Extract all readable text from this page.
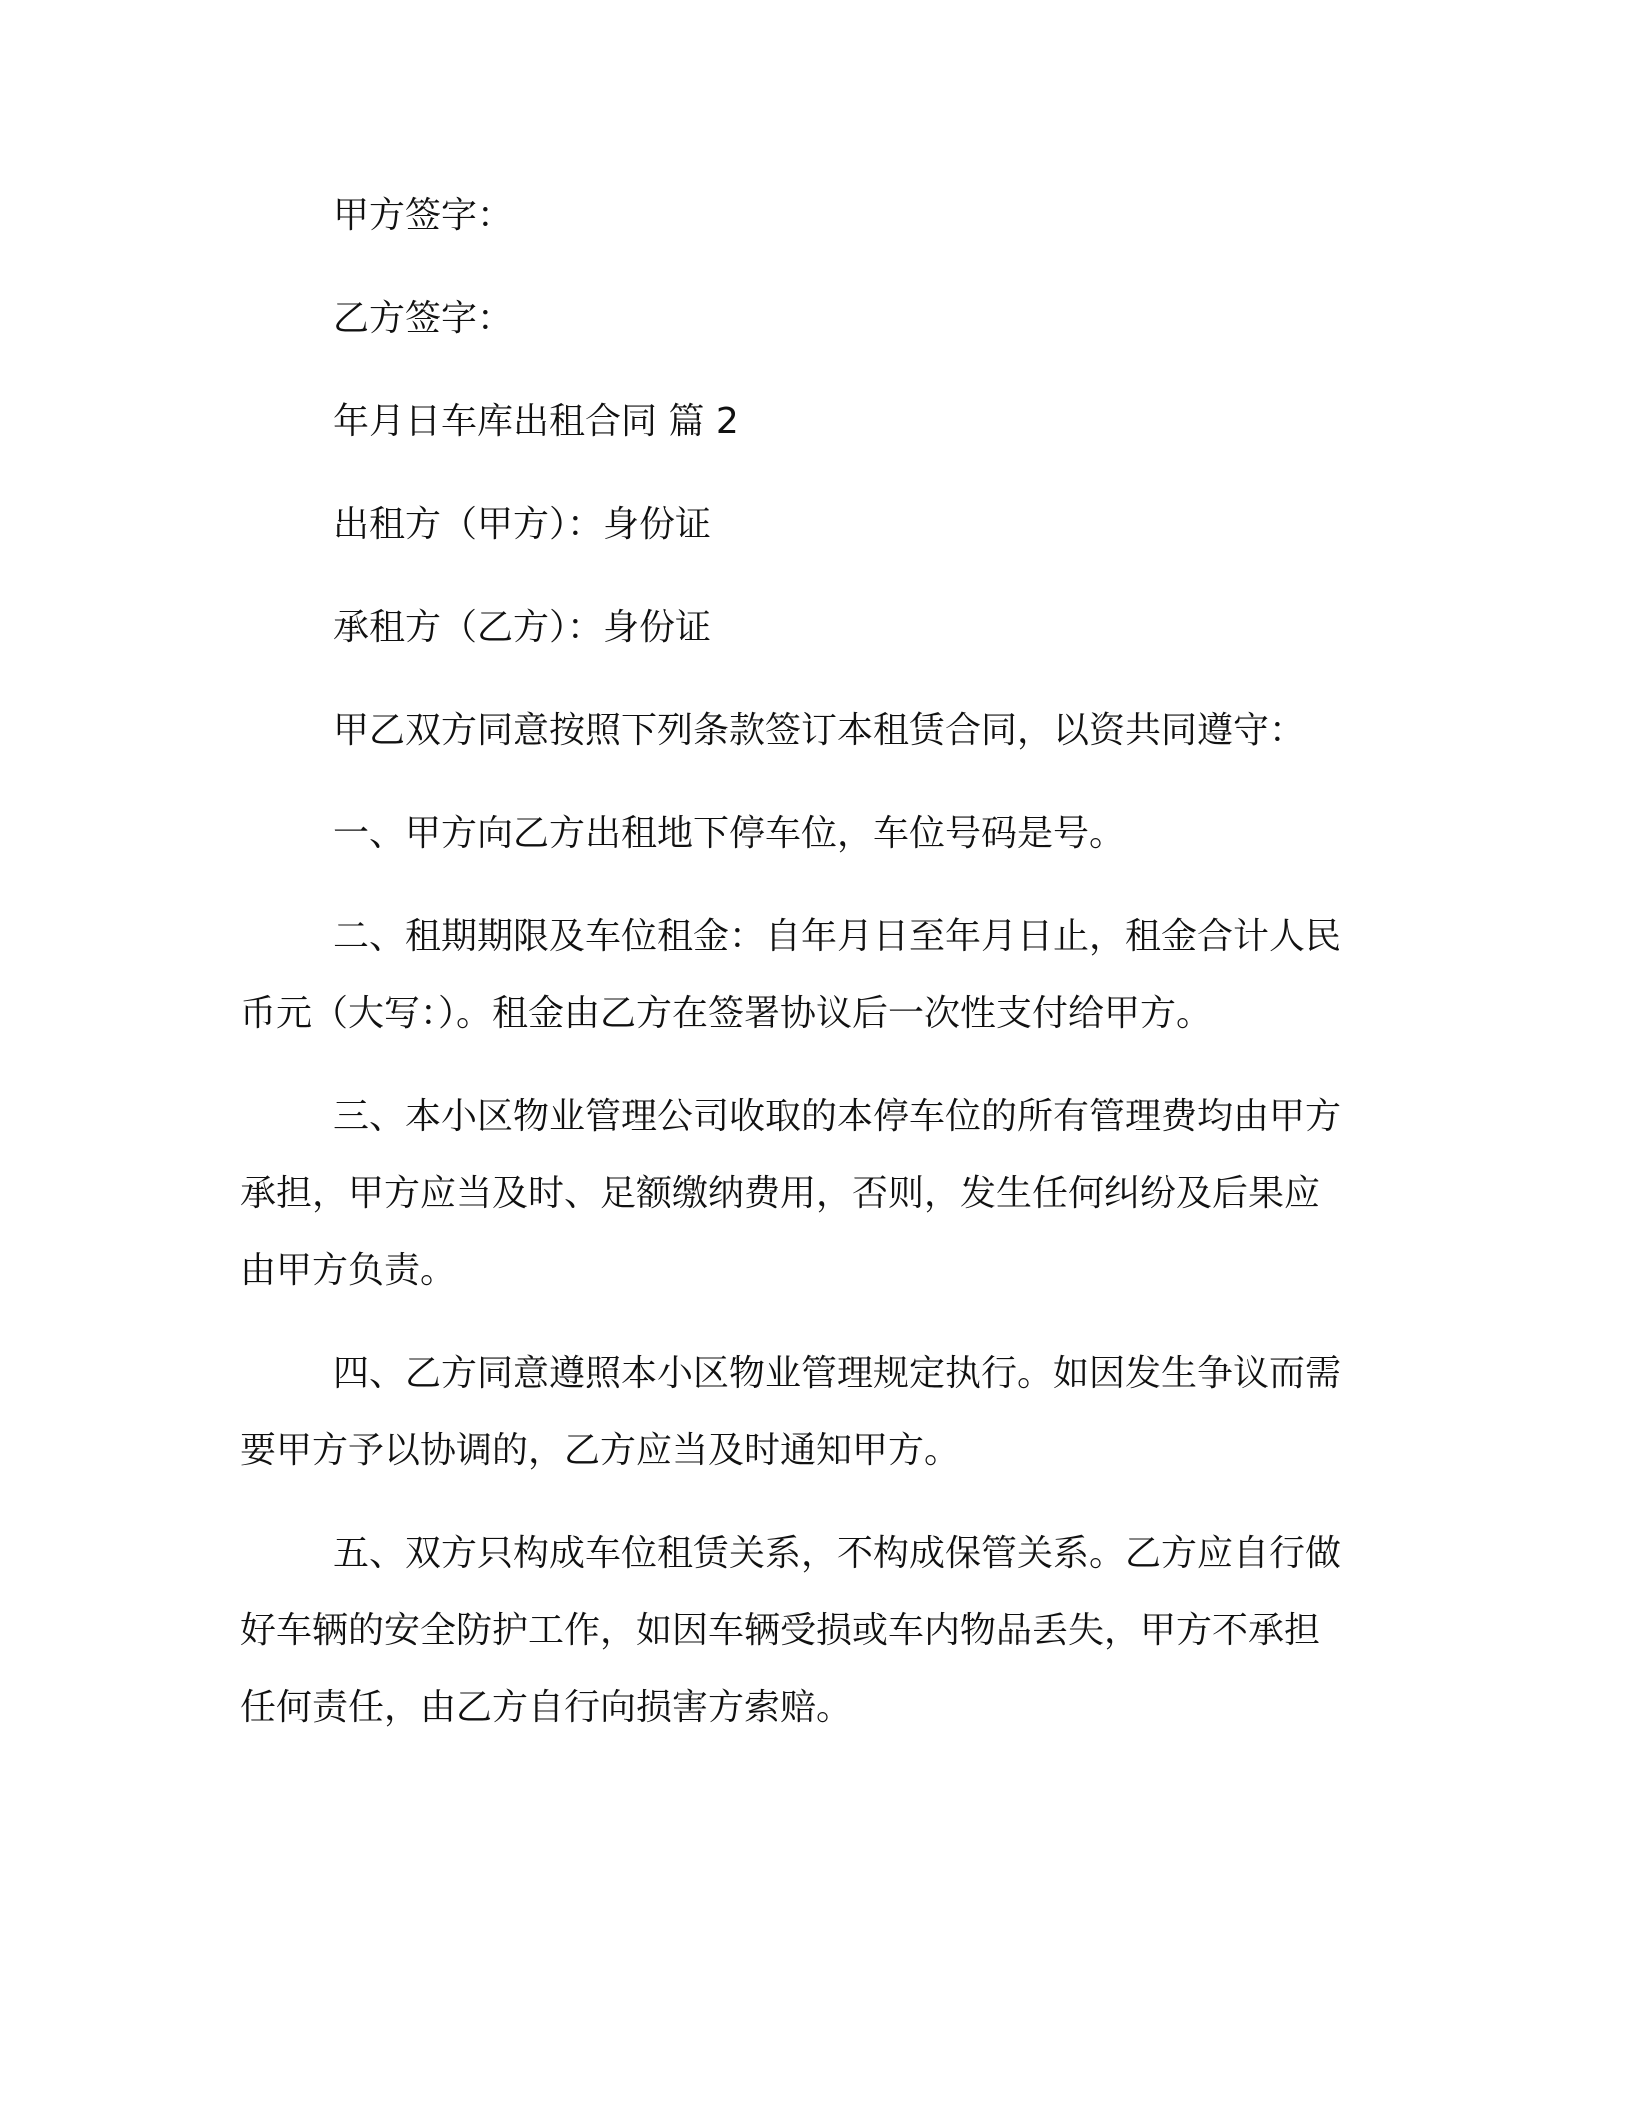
甲方签字：
乙方签字：
年月日车库出租合同 篇 2
出租方（甲方）：身份证
承租方（乙方）：身份证
甲乙双方同意按照下列条款签订本租赁合同，以资共同遵守：
一、甲方向乙方出租地下停车位，车位号码是号。
二、租期期限及车位租金：自年月日至年月日止，租金合计人民
币元（大写：）。租金由乙方在签署协议后一次性支付给甲方。
三、本小区物业管理公司收取的本停车位的所有管理费均由甲方
承担，甲方应当及时、足额缴纳费用，否则，发生任何纠纷及后果应
由甲方负责。
四、乙方同意遵照本小区物业管理规定执行。如因发生争议而需
要甲方予以协调的，乙方应当及时通知甲方。
五、双方只构成车位租赁关系，不构成保管关系。乙方应自行做
好车辆的安全防护工作，如因车辆受损或车内物品丢失，甲方不承担
任何责任，由乙方自行向损害方索赔。
